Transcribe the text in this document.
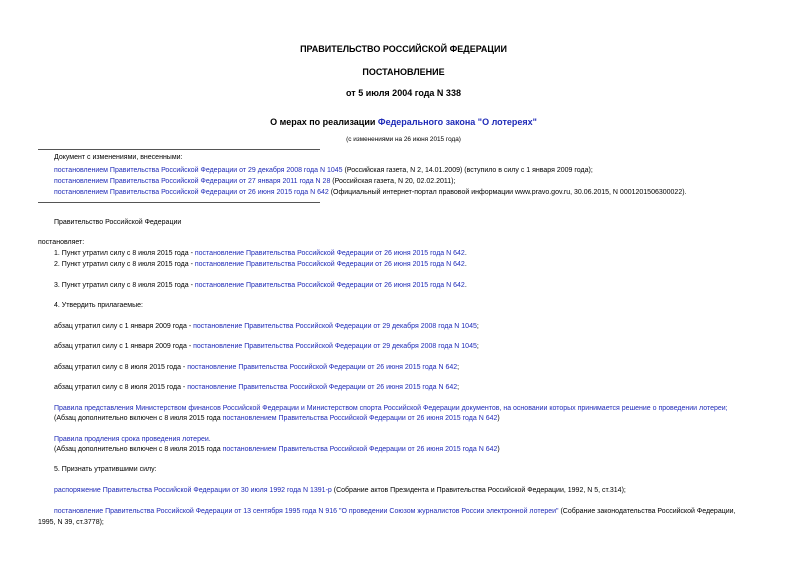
ПРАВИТЕЛЬСТВО РОССИЙСКОЙ ФЕДЕРАЦИИ
ПОСТАНОВЛЕНИЕ
от 5 июля 2004 года N 338
О мерах по реализации Федерального закона "О лотереях"
(с изменениями на 26 июня 2015 года)
Документ с изменениями, внесенными:
постановлением Правительства Российской Федерации от 29 декабря 2008 года N 1045 (Российская газета, N 2, 14.01.2009) (вступило в силу с 1 января 2009 года);
постановлением Правительства Российской Федерации от 27 января 2011 года N 28 (Российская газета, N 20, 02.02.2011);
постановлением Правительства Российской Федерации от 26 июня 2015 года N 642 (Официальный интернет-портал правовой информации www.pravo.gov.ru, 30.06.2015, N 0001201506300022).
Правительство Российской Федерации
постановляет:
1. Пункт утратил силу с 8 июля 2015 года - постановление Правительства Российской Федерации от 26 июня 2015 года N 642.
2. Пункт утратил силу с 8 июля 2015 года - постановление Правительства Российской Федерации от 26 июня 2015 года N 642.
3. Пункт утратил силу с 8 июля 2015 года - постановление Правительства Российской Федерации от 26 июня 2015 года N 642.
4. Утвердить прилагаемые:
абзац утратил силу с 1 января 2009 года - постановление Правительства Российской Федерации от 29 декабря 2008 года N 1045;
абзац утратил силу с 1 января 2009 года - постановление Правительства Российской Федерации от 29 декабря 2008 года N 1045;
абзац утратил силу с 8 июля 2015 года - постановление Правительства Российской Федерации от 26 июня 2015 года N 642;
абзац утратил силу с 8 июля 2015 года - постановление Правительства Российской Федерации от 26 июня 2015 года N 642;
Правила представления Министерством финансов Российской Федерации и Министерством спорта Российской Федерации документов, на основании которых принимается решение о проведении лотереи;
(Абзац дополнительно включен с 8 июля 2015 года постановлением Правительства Российской Федерации от 26 июня 2015 года N 642)
Правила продления срока проведения лотереи.
(Абзац дополнительно включен с 8 июля 2015 года постановлением Правительства Российской Федерации от 26 июня 2015 года N 642)
5. Признать утратившими силу:
распоряжение Правительства Российской Федерации от 30 июля 1992 года N 1391-р (Собрание актов Президента и Правительства Российской Федерации, 1992, N 5, ст.314);
постановление Правительства Российской Федерации от 13 сентября 1995 года N 916 "О проведении Союзом журналистов России электронной лотереи" (Собрание законодательства Российской Федерации,
1995, N 39, ст.3778);
